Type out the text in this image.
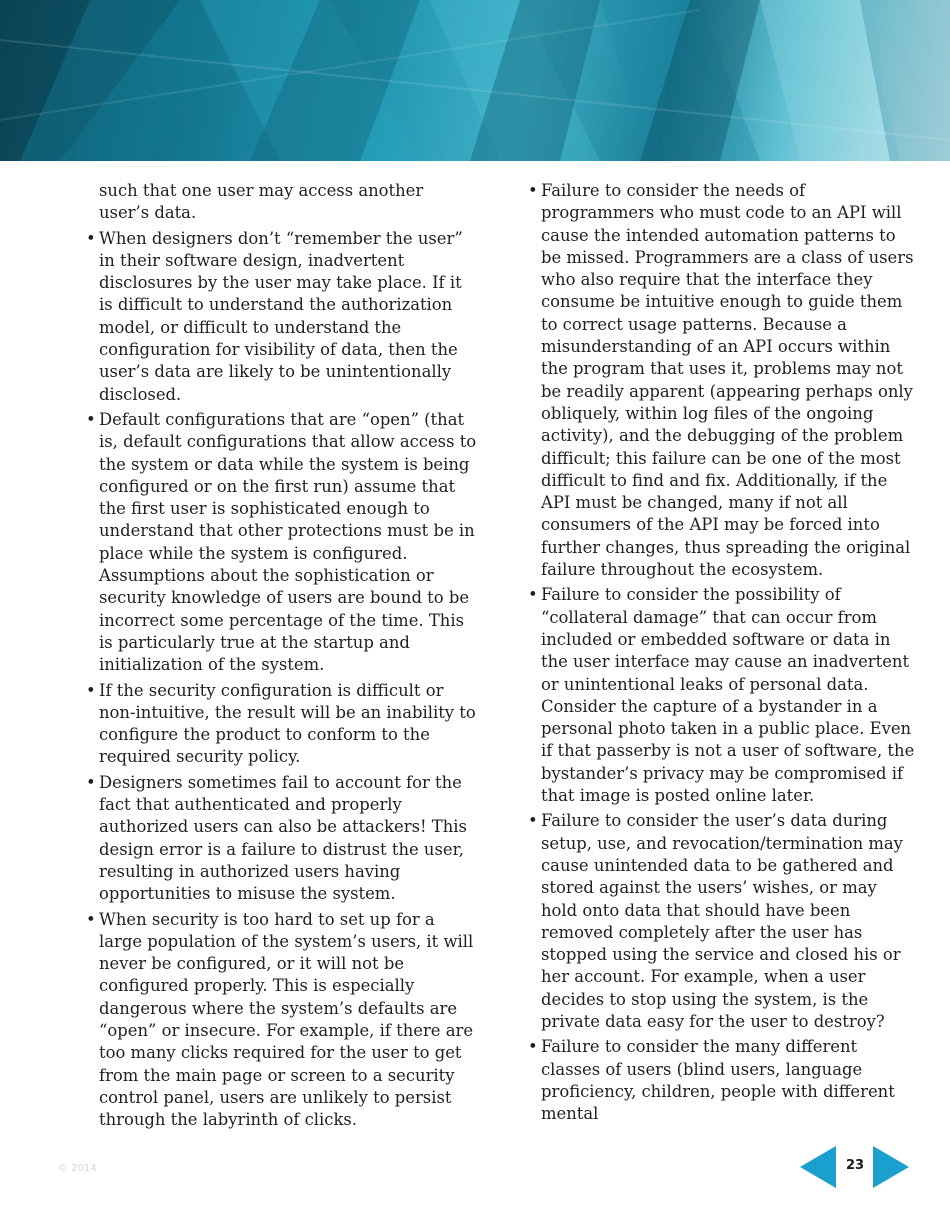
such that one user may access another user’s data.

• When designers don’t “remember the user” in their software design, inadvertent disclosures by the user may take place. If it is difficult to understand the authorization model, or difficult to understand the configuration for visibility of data, then the user’s data are likely to be unintentionally disclosed.
• Default configurations that are “open” (that is, default configurations that allow access to the system or data while the system is being configured or on the first run) assume that the first user is sophisticated enough to understand that other protections must be in place while the system is configured. Assumptions about the sophistication or security knowledge of users are bound to be incorrect some percentage of the time. This is particularly true at the startup and initialization of the system.
• If the security configuration is difficult or non-intuitive, the result will be an inability to configure the product to conform to the required security policy.
• Designers sometimes fail to account for the fact that authenticated and properly authorized users can also be attackers! This design error is a failure to distrust the user, resulting in authorized users having opportunities to misuse the system.
• When security is too hard to set up for a large population of the system’s users, it will never be configured, or it will not be configured properly. This is especially dangerous where the system’s defaults are “open” or insecure. For example, if there are too many clicks required for the user to get from the main page or screen to a security control panel, users are unlikely to persist through the labyrinth of clicks.
• Failure to consider the needs of programmers who must code to an API will cause the intended automation patterns to be missed. Programmers are a class of users who also require that the interface they consume be intuitive enough to guide them to correct usage patterns. Because a misunderstanding of an API occurs within the program that uses it, problems may not be readily apparent (appearing perhaps only obliquely, within log files of the ongoing activity), and the debugging of the problem difficult; this failure can be one of the most difficult to find and fix. Additionally, if the API must be changed, many if not all consumers of the API may be forced into further changes, thus spreading the original failure throughout the ecosystem.
• Failure to consider the possibility of “collateral damage” that can occur from included or embedded software or data in the user interface may cause an inadvertent or unintentional leaks of personal data. Consider the capture of a bystander in a personal photo taken in a public place. Even if that passerby is not a user of software, the bystander’s privacy may be compromised if that image is posted online later.
• Failure to consider the user’s data during setup, use, and revocation/termination may cause unintended data to be gathered and stored against the users’ wishes, or may hold onto data that should have been removed completely after the user has stopped using the service and closed his or her account. For example, when a user decides to stop using the system, is the private data easy for the user to destroy?
• Failure to consider the many different classes of users (blind users, language proficiency, children, people with different mental
© 2014	23
